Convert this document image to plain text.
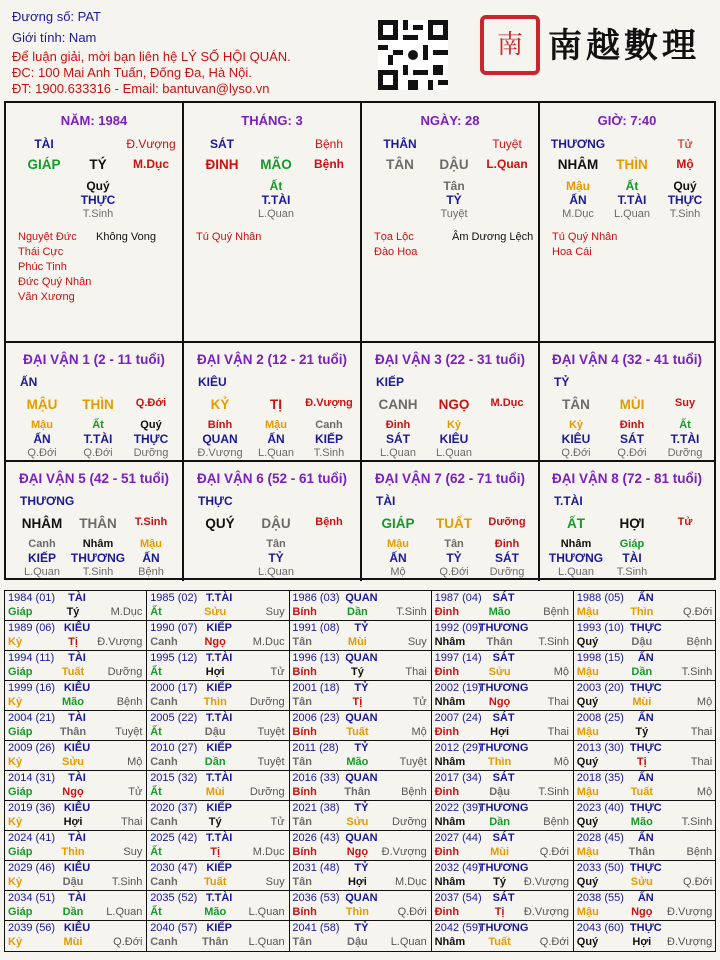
Đương số: PAT
Giới tính: Nam
Để luận giải, mời bạn liên hệ LÝ SỐ HỘI QUÁN.
ĐC: 100 Mai Anh Tuấn, Đống Đa, Hà Nội.
ĐT: 1900.633316 - Email: bantuvan@lyso.vn
南 南越數理
NĂM: 1984
TÀI	Đ.Vượng
GIÁP TÝ M.Dục
Quý
THỰC
T.Sinh
Nguyệt Đức
Thái Cực
Phúc Tinh
Đức Quý Nhân
Văn Xương
Không Vong
THÁNG: 3
SÁT	Bệnh
ĐINH MÃO Bệnh
Ất
T.TÀI
L.Quan
Tú Quý Nhân
NGÀY: 28
THÂN	Tuyệt
TÂN DẬU L.Quan
Tân
TỶ
Tuyệt
Tọa Lộc
Đào Hoa
Âm Dương Lệch
GIỜ: 7:40
THƯƠNG	Tử
NHÂM THÌN Mộ
Mậu
ẤN
M.Dục
Ất
T.TÀI
L.Quan
Quý
THỰC
T.Sinh
Tú Quý Nhân
Hoa Cái
ĐẠI VẬN 1 (2 - 11 tuổi)
ẤN
MẬU THÌN Q.Đới
Mậu
ẤN
Q.Đới
Ất
T.TÀI
Q.Đới
Quý
THỰC
Dưỡng
ĐẠI VẬN 2 (12 - 21 tuổi)
KIÊU
KỶ	TỊ Đ.Vượng
Bính
QUAN
Đ.Vượng
Mậu
ẤN
L.Quan
Canh
KIẾP
T.Sinh
ĐẠI VẬN 3 (22 - 31 tuổi)
KIẾP
CANH NGỌ M.Dục
Đinh
SÁT
L.Quan
Kỷ
KIÊU
L.Quan
ĐẠI VẬN 4 (32 - 41 tuổi)
TỶ
TÂN MÙI	Suy
Kỷ
KIÊU
Q.Đới
Đinh
SÁT
Q.Đới
Ất
T.TÀI
Dưỡng
ĐẠI VẬN 5 (42 - 51 tuổi)
THƯƠNG
NHÂM THÂN T.Sinh
Canh
KIẾP
L.Quan
Nhâm
THƯƠNG
T.Sinh
Mậu
ẤN
Bệnh
ĐẠI VẬN 6 (52 - 61 tuổi)
THỰC
QUÝ DẬU Bệnh
Tân
TỶ
L.Quan
ĐẠI VẬN 7 (62 - 71 tuổi)
TÀI
GIÁP TUẤT Dưỡng
Mậu
ẤN
Mộ
Tân
TỶ
Q.Đới
Đinh
SÁT
Dưỡng
ĐẠI VẬN 8 (72 - 81 tuổi)
T.TÀI
ẤT	HỢI	Tử
Nhâm
THƯƠNG
L.Quan
Giáp
TÀI
T.Sinh
1984 (01) TÀI
Giáp	Tý	M.Dục
1985 (02) T.TÀI
Ất	Sửu	Suy
1986 (03) QUAN
Bính	Dần	T.Sinh
1987 (04) SÁT
Đinh	Mão	Bệnh
1988 (05) ẤN
Mậu	Thìn	Q.Đới
1989 (06) KIÊU
Kỷ	Tị Đ.Vượng
1990 (07) KIẾP
Canh Ngọ M.Dục
1991 (08) TỶ
Tân	Mùi	Suy
1992 (09)
THƯƠNG
Nhâm Thân T.Sinh
1993 (10) THỰC
Quý	Dậu	Bệnh
1994 (11) TÀI
Giáp	Tuất Dưỡng
1995 (12) T.TÀI
Ất	Hợi	Tử
1996 (13) QUAN
Bính	Tý	Thai
1997 (14) SÁT
Đinh	Sửu	Mộ
1998 (15) ẤN
Mậu	Dần	T.Sinh
1999 (16) KIÊU
Kỷ	Mão	Bệnh
2000 (17) KIẾP
Canh Thìn Dưỡng
2001 (18) TỶ
Tân	Tị	Tử
2002 (19)
THƯƠNG
Nhâm Ngọ	Thai
2003 (20) THỰC
Quý	Mùi	Mộ
2004 (21) TÀI
Giáp Thân	Tuyệt
2005 (22) T.TÀI
Ất	Dậu	Tuyệt
2006 (23) QUAN
Bính	Tuất	Mộ
2007 (24) SÁT
Đinh	Hợi	Thai
2008 (25) ẤN
Mậu	Tý	Thai
2009 (26) KIÊU
Kỷ	Sửu	Mộ
2010 (27) KIẾP
Canh Dần	Tuyệt
2011 (28) TỶ
Tân	Mão	Tuyệt
2012 (29)
THƯƠNG
Nhâm Thìn	Mộ
2013 (30) THỰC
Quý	Tị	Thai
2014 (31) TÀI
Giáp	Ngọ	Tử
2015 (32) T.TÀI
Ất	Mùi Dưỡng
2016 (33) QUAN
Bính Thân	Bệnh
2017 (34) SÁT
Đinh	Dậu	T.Sinh
2018 (35) ẤN
Mậu	Tuất	Mộ
2019 (36) KIÊU
Kỷ	Hợi	Thai
2020 (37) KIẾP
Canh	Tý	Tử
2021 (38) TỶ
Tân	Sửu Dưỡng
2022 (39)
THƯƠNG
Nhâm Dần	Bệnh
2023 (40) THỰC
Quý	Mão	T.Sinh
2024 (41) TÀI
Giáp	Thìn	Suy
2025 (42) T.TÀI
Ất	Tị	M.Dục
2026 (43) QUAN
Bính	Ngọ Đ.Vượng
2027 (44) SÁT
Đinh	Mùi	Q.Đới
2028 (45) ẤN
Mậu	Thân	Bệnh
2029 (46) KIÊU
Kỷ	Dậu	T.Sinh
2030 (47) KIẾP
Canh Tuất	Suy
2031 (48) TỶ
Tân	Hợi	M.Dục
2032 (49)
THƯƠNG
Nhâm	Tý Đ.Vượng
2033 (50) THỰC
Quý	Sửu	Q.Đới
2034 (51) TÀI
Giáp	Dần L.Quan
2035 (52) T.TÀI
Ất	Mão L.Quan
2036 (53) QUAN
Bính	Thìn	Q.Đới
2037 (54) SÁT
Đinh	Tị Đ.Vượng
2038 (55) ẤN
Mậu	Ngọ Đ.Vượng
2039 (56) KIÊU
Kỷ	Mùi	Q.Đới
2040 (57) KIẾP
Canh Thân L.Quan
2041 (58) TỶ
Tân	Dậu L.Quan
2042 (59)
THƯƠNG
Nhâm Tuất	Q.Đới
2043 (60) THỰC
Quý	Hợi Đ.Vượng
